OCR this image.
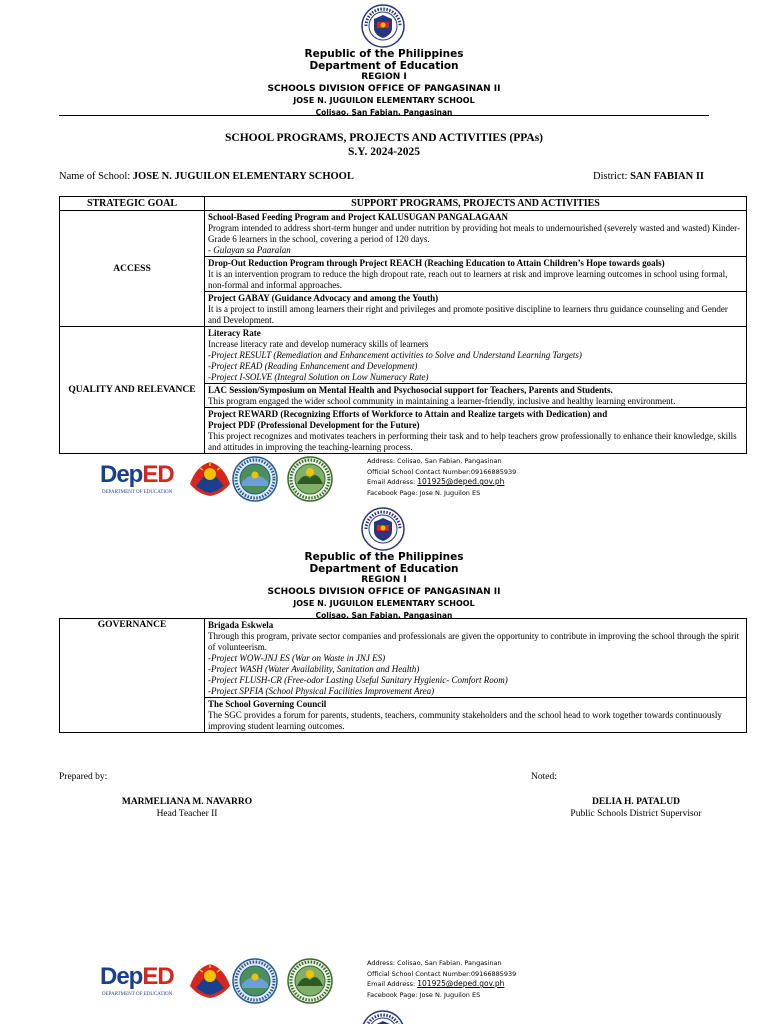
Republic of the Philippines
Department of Education
REGION I
SCHOOLS DIVISION OFFICE OF PANGASINAN II
JOSE N. JUGUILON ELEMENTARY SCHOOL
Colisao, San Fabian, Pangasinan
SCHOOL PROGRAMS, PROJECTS AND ACTIVITIES (PPAs)
S.Y. 2024-2025
Name of School: JOSE N. JUGUILON ELEMENTARY SCHOOL	District: SAN FABIAN II
STRATEGIC GOAL	SUPPORT PROGRAMS, PROJECTS AND ACTIVITIES
ACCESS	School-Based Feeding Program and Project KALUSUGAN PANGALAGAAN
Program intended to address short-term hunger and under nutrition by providing hot meals to undernourished (severely wasted and wasted) Kinder-Grade 6 learners in the school, covering a period of 120 days.
- Gulayan sa Paaralan

	Drop-Out Reduction Program through Project REACH (Reaching Education to Attain Children’s Hope towards goals)
It is an intervention program to reduce the high dropout rate, reach out to learners at risk and improve learning outcomes in school using formal, non-formal and informal approaches.

	Project GABAY (Guidance Advocacy and among the Youth)
It is a project to instill among learners their right and privileges and promote positive discipline to learners thru guidance counseling and Gender and Development.

QUALITY AND RELEVANCE	Literacy Rate
Increase literacy rate and develop numeracy skills of learners
-Project RESULT (Remediation and Enhancement activities to Solve and Understand Learning Targets)
-Project READ (Reading Enhancement and Development)
-Project I-SOLVE (Integral Solution on Low Numeracy Rate)

	LAC Session/Symposium on Mental Health and Psychosocial support for Teachers, Parents and Students.
This program engaged the wider school community in maintaining a learner-friendly, inclusive and healthy learning environment.

	Project REWARD (Recognizing Efforts of Workforce to Attain and Realize targets with Dedication) and
Project PDF (Professional Development for the Future)
This project recognizes and motivates teachers in performing their task and to help teachers grow professionally to enhance their knowledge, skills and attitudes in improving the teaching-learning process.
DepED
DEPARTMENT OF EDUCATION
Address: Colisao, San Fabian, Pangasinan
Official School Contact Number:09166885939
Email Address: 101925@deped.gov.ph
Facebook Page: Jose N. Juguilon ES
Republic of the Philippines
Department of Education
REGION I
SCHOOLS DIVISION OFFICE OF PANGASINAN II
JOSE N. JUGUILON ELEMENTARY SCHOOL
Colisao, San Fabian, Pangasinan
GOVERNANCE	Brigada Eskwela
Through this program, private sector companies and professionals are given the opportunity to contribute in improving the school through the spirit of volunteerism.
-Project WOW-JNJ ES (War on Waste in JNJ ES)
-Project WASH (Water Availability, Sanitation and Health)
-Project FLUSH-CR (Free-odor Lasting Useful Sanitary Hygienic- Comfort Room)
-Project SPFIA (School Physical Facilities Improvement Area)

The School Governing Council
The SGC provides a forum for parents, students, teachers, community stakeholders and the school head to work together towards continuously improving student learning outcomes.
Prepared by:	Noted:
MARMELIANA M. NAVARRO
Head Teacher II
DELIA H. PATALUD
Public Schools District Supervisor
DepED
DEPARTMENT OF EDUCATION
Address: Colisao, San Fabian, Pangasinan
Official School Contact Number:09166885939
Email Address: 101925@deped.gov.ph
Facebook Page: Jose N. Juguilon ES
